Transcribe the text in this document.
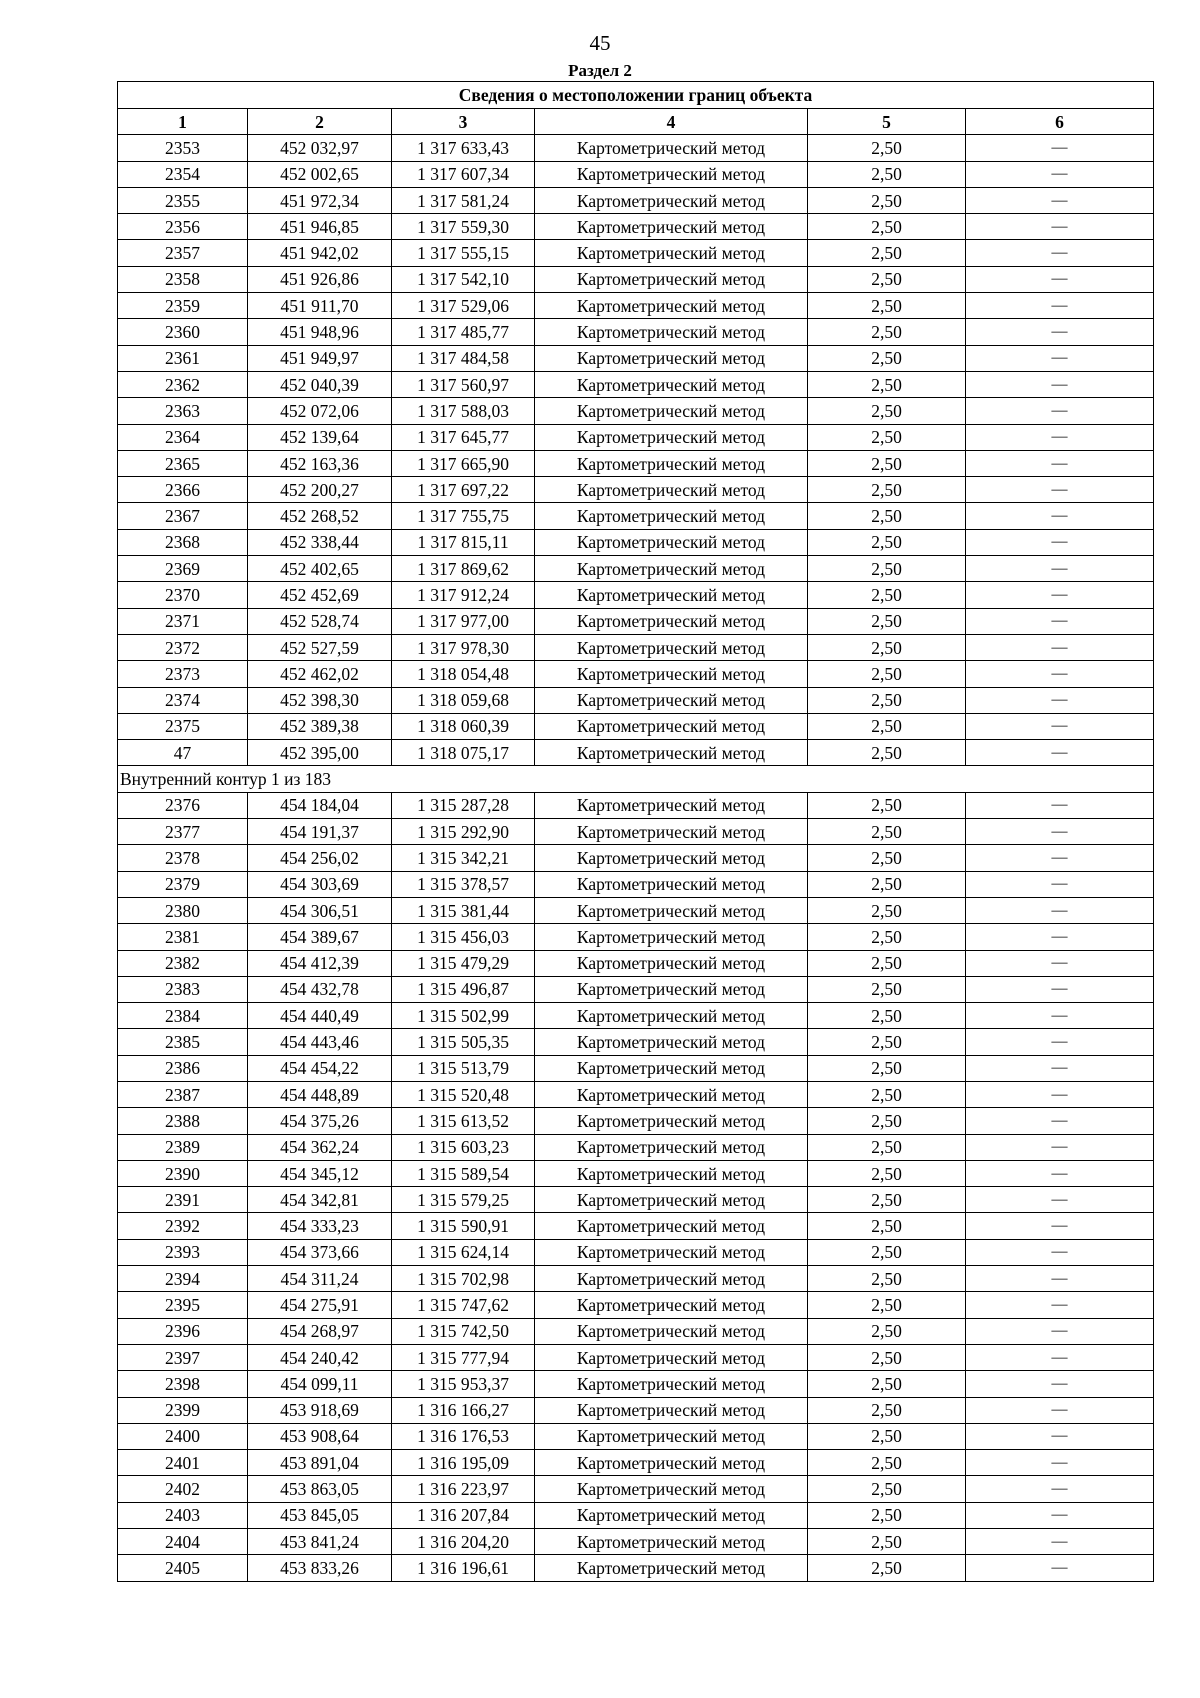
45
Раздел 2
Сведения о местоположении границ объекта					
1	2	3	4	5	6
2353	452 032,97	1 317 633,43	Картометрический метод	2,50	—
2354	452 002,65	1 317 607,34	Картометрический метод	2,50	—
2355	451 972,34	1 317 581,24	Картометрический метод	2,50	—
2356	451 946,85	1 317 559,30	Картометрический метод	2,50	—
2357	451 942,02	1 317 555,15	Картометрический метод	2,50	—
2358	451 926,86	1 317 542,10	Картометрический метод	2,50	—
2359	451 911,70	1 317 529,06	Картометрический метод	2,50	—
2360	451 948,96	1 317 485,77	Картометрический метод	2,50	—
2361	451 949,97	1 317 484,58	Картометрический метод	2,50	—
2362	452 040,39	1 317 560,97	Картометрический метод	2,50	—
2363	452 072,06	1 317 588,03	Картометрический метод	2,50	—
2364	452 139,64	1 317 645,77	Картометрический метод	2,50	—
2365	452 163,36	1 317 665,90	Картометрический метод	2,50	—
2366	452 200,27	1 317 697,22	Картометрический метод	2,50	—
2367	452 268,52	1 317 755,75	Картометрический метод	2,50	—
2368	452 338,44	1 317 815,11	Картометрический метод	2,50	—
2369	452 402,65	1 317 869,62	Картометрический метод	2,50	—
2370	452 452,69	1 317 912,24	Картометрический метод	2,50	—
2371	452 528,74	1 317 977,00	Картометрический метод	2,50	—
2372	452 527,59	1 317 978,30	Картометрический метод	2,50	—
2373	452 462,02	1 318 054,48	Картометрический метод	2,50	—
2374	452 398,30	1 318 059,68	Картометрический метод	2,50	—
2375	452 389,38	1 318 060,39	Картометрический метод	2,50	—
47	452 395,00	1 318 075,17	Картометрический метод	2,50	—
Внутренний контур 1 из 183					
2376	454 184,04	1 315 287,28	Картометрический метод	2,50	—
2377	454 191,37	1 315 292,90	Картометрический метод	2,50	—
2378	454 256,02	1 315 342,21	Картометрический метод	2,50	—
2379	454 303,69	1 315 378,57	Картометрический метод	2,50	—
2380	454 306,51	1 315 381,44	Картометрический метод	2,50	—
2381	454 389,67	1 315 456,03	Картометрический метод	2,50	—
2382	454 412,39	1 315 479,29	Картометрический метод	2,50	—
2383	454 432,78	1 315 496,87	Картометрический метод	2,50	—
2384	454 440,49	1 315 502,99	Картометрический метод	2,50	—
2385	454 443,46	1 315 505,35	Картометрический метод	2,50	—
2386	454 454,22	1 315 513,79	Картометрический метод	2,50	—
2387	454 448,89	1 315 520,48	Картометрический метод	2,50	—
2388	454 375,26	1 315 613,52	Картометрический метод	2,50	—
2389	454 362,24	1 315 603,23	Картометрический метод	2,50	—
2390	454 345,12	1 315 589,54	Картометрический метод	2,50	—
2391	454 342,81	1 315 579,25	Картометрический метод	2,50	—
2392	454 333,23	1 315 590,91	Картометрический метод	2,50	—
2393	454 373,66	1 315 624,14	Картометрический метод	2,50	—
2394	454 311,24	1 315 702,98	Картометрический метод	2,50	—
2395	454 275,91	1 315 747,62	Картометрический метод	2,50	—
2396	454 268,97	1 315 742,50	Картометрический метод	2,50	—
2397	454 240,42	1 315 777,94	Картометрический метод	2,50	—
2398	454 099,11	1 315 953,37	Картометрический метод	2,50	—
2399	453 918,69	1 316 166,27	Картометрический метод	2,50	—
2400	453 908,64	1 316 176,53	Картометрический метод	2,50	—
2401	453 891,04	1 316 195,09	Картометрический метод	2,50	—
2402	453 863,05	1 316 223,97	Картометрический метод	2,50	—
2403	453 845,05	1 316 207,84	Картометрический метод	2,50	—
2404	453 841,24	1 316 204,20	Картометрический метод	2,50	—
2405	453 833,26	1 316 196,61	Картометрический метод	2,50	—
